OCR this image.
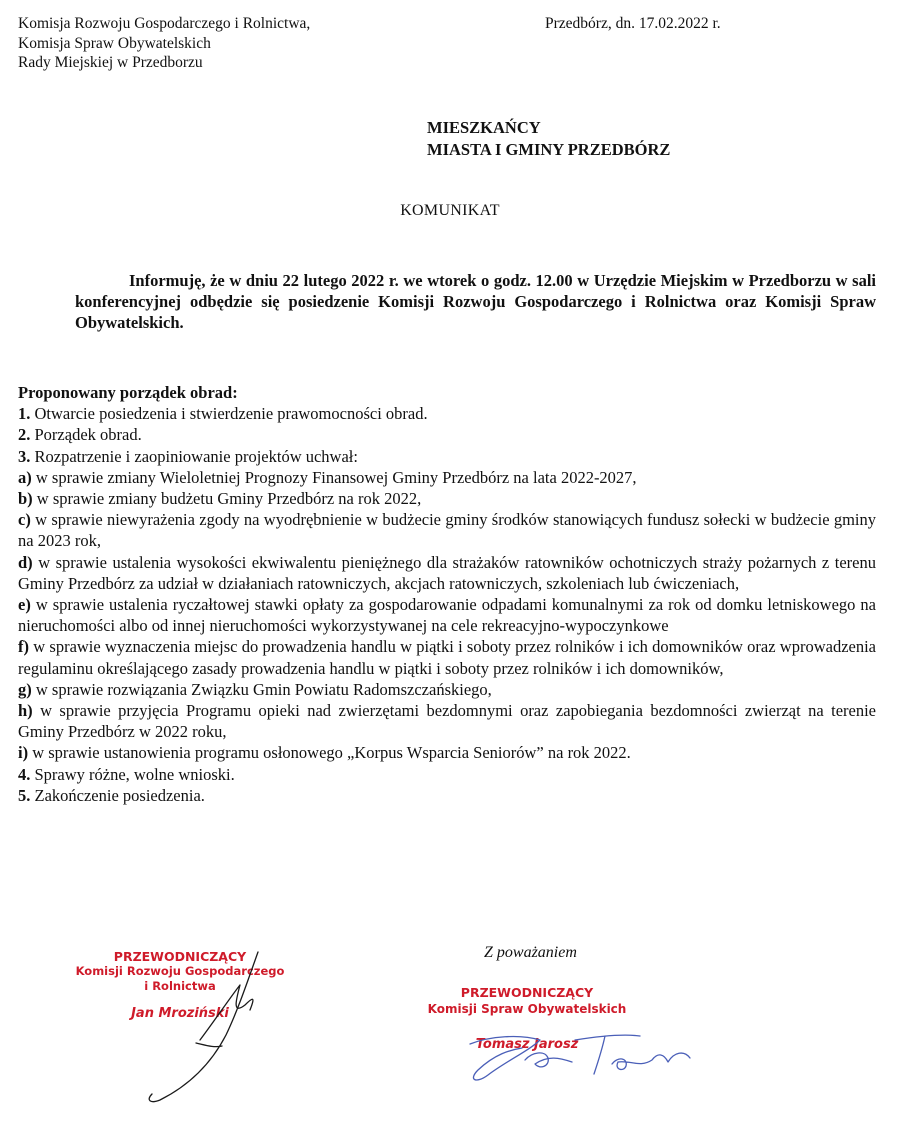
Komisja Rozwoju Gospodarczego i Rolnictwa,
Komisja Spraw Obywatelskich
Rady Miejskiej w Przedborzu
Przedbórz, dn. 17.02.2022 r.
MIESZKAŃCY
MIASTA I GMINY PRZEDBÓRZ
KOMUNIKAT
Informuję, że w dniu 22 lutego 2022 r. we wtorek o godz. 12.00 w Urzędzie Miejskim w Przedborzu w sali konferencyjnej odbędzie się posiedzenie Komisji Rozwoju Gospodarczego i Rolnictwa oraz Komisji Spraw Obywatelskich.
Proponowany porządek obrad:

1. Otwarcie posiedzenia i stwierdzenie prawomocności obrad.

2. Porządek obrad.

3. Rozpatrzenie i zaopiniowanie projektów uchwał:

a) w sprawie zmiany Wieloletniej Prognozy Finansowej Gminy Przedbórz na lata 2022-2027,

b) w sprawie zmiany budżetu Gminy Przedbórz na rok 2022,

c) w sprawie niewyrażenia zgody na wyodrębnienie w budżecie gminy środków stanowiących fundusz sołecki w budżecie gminy na 2023 rok,

d) w sprawie ustalenia wysokości ekwiwalentu pieniężnego dla strażaków ratowników ochotniczych straży pożarnych z terenu Gminy Przedbórz za udział w działaniach ratowniczych, akcjach ratowniczych, szkoleniach lub ćwiczeniach,

e) w sprawie ustalenia ryczałtowej stawki opłaty za gospodarowanie odpadami komunalnymi za rok od domku letniskowego na nieruchomości albo od innej nieruchomości wykorzystywanej na cele rekreacyjno-wypoczynkowe

f) w sprawie wyznaczenia miejsc do prowadzenia handlu w piątki i soboty przez rolników i ich domowników oraz wprowadzenia regulaminu określającego zasady prowadzenia handlu w piątki i soboty przez rolników i ich domowników,

g) w sprawie rozwiązania Związku Gmin Powiatu Radomszczańskiego,

h) w sprawie przyjęcia Programu opieki nad zwierzętami bezdomnymi oraz zapobiegania bezdomności zwierząt na terenie Gminy Przedbórz w 2022 roku,

i) w sprawie ustanowienia programu osłonowego „Korpus Wsparcia Seniorów” na rok 2022.

4. Sprawy różne, wolne wnioski.

5. Zakończenie posiedzenia.

Z poważaniem
PRZEWODNICZĄCY
Komisji Rozwoju Gospodarczego
i Rolnictwa
Jan Mroziński
PRZEWODNICZĄCY
Komisji Spraw Obywatelskich
Tomasz Jarosz
